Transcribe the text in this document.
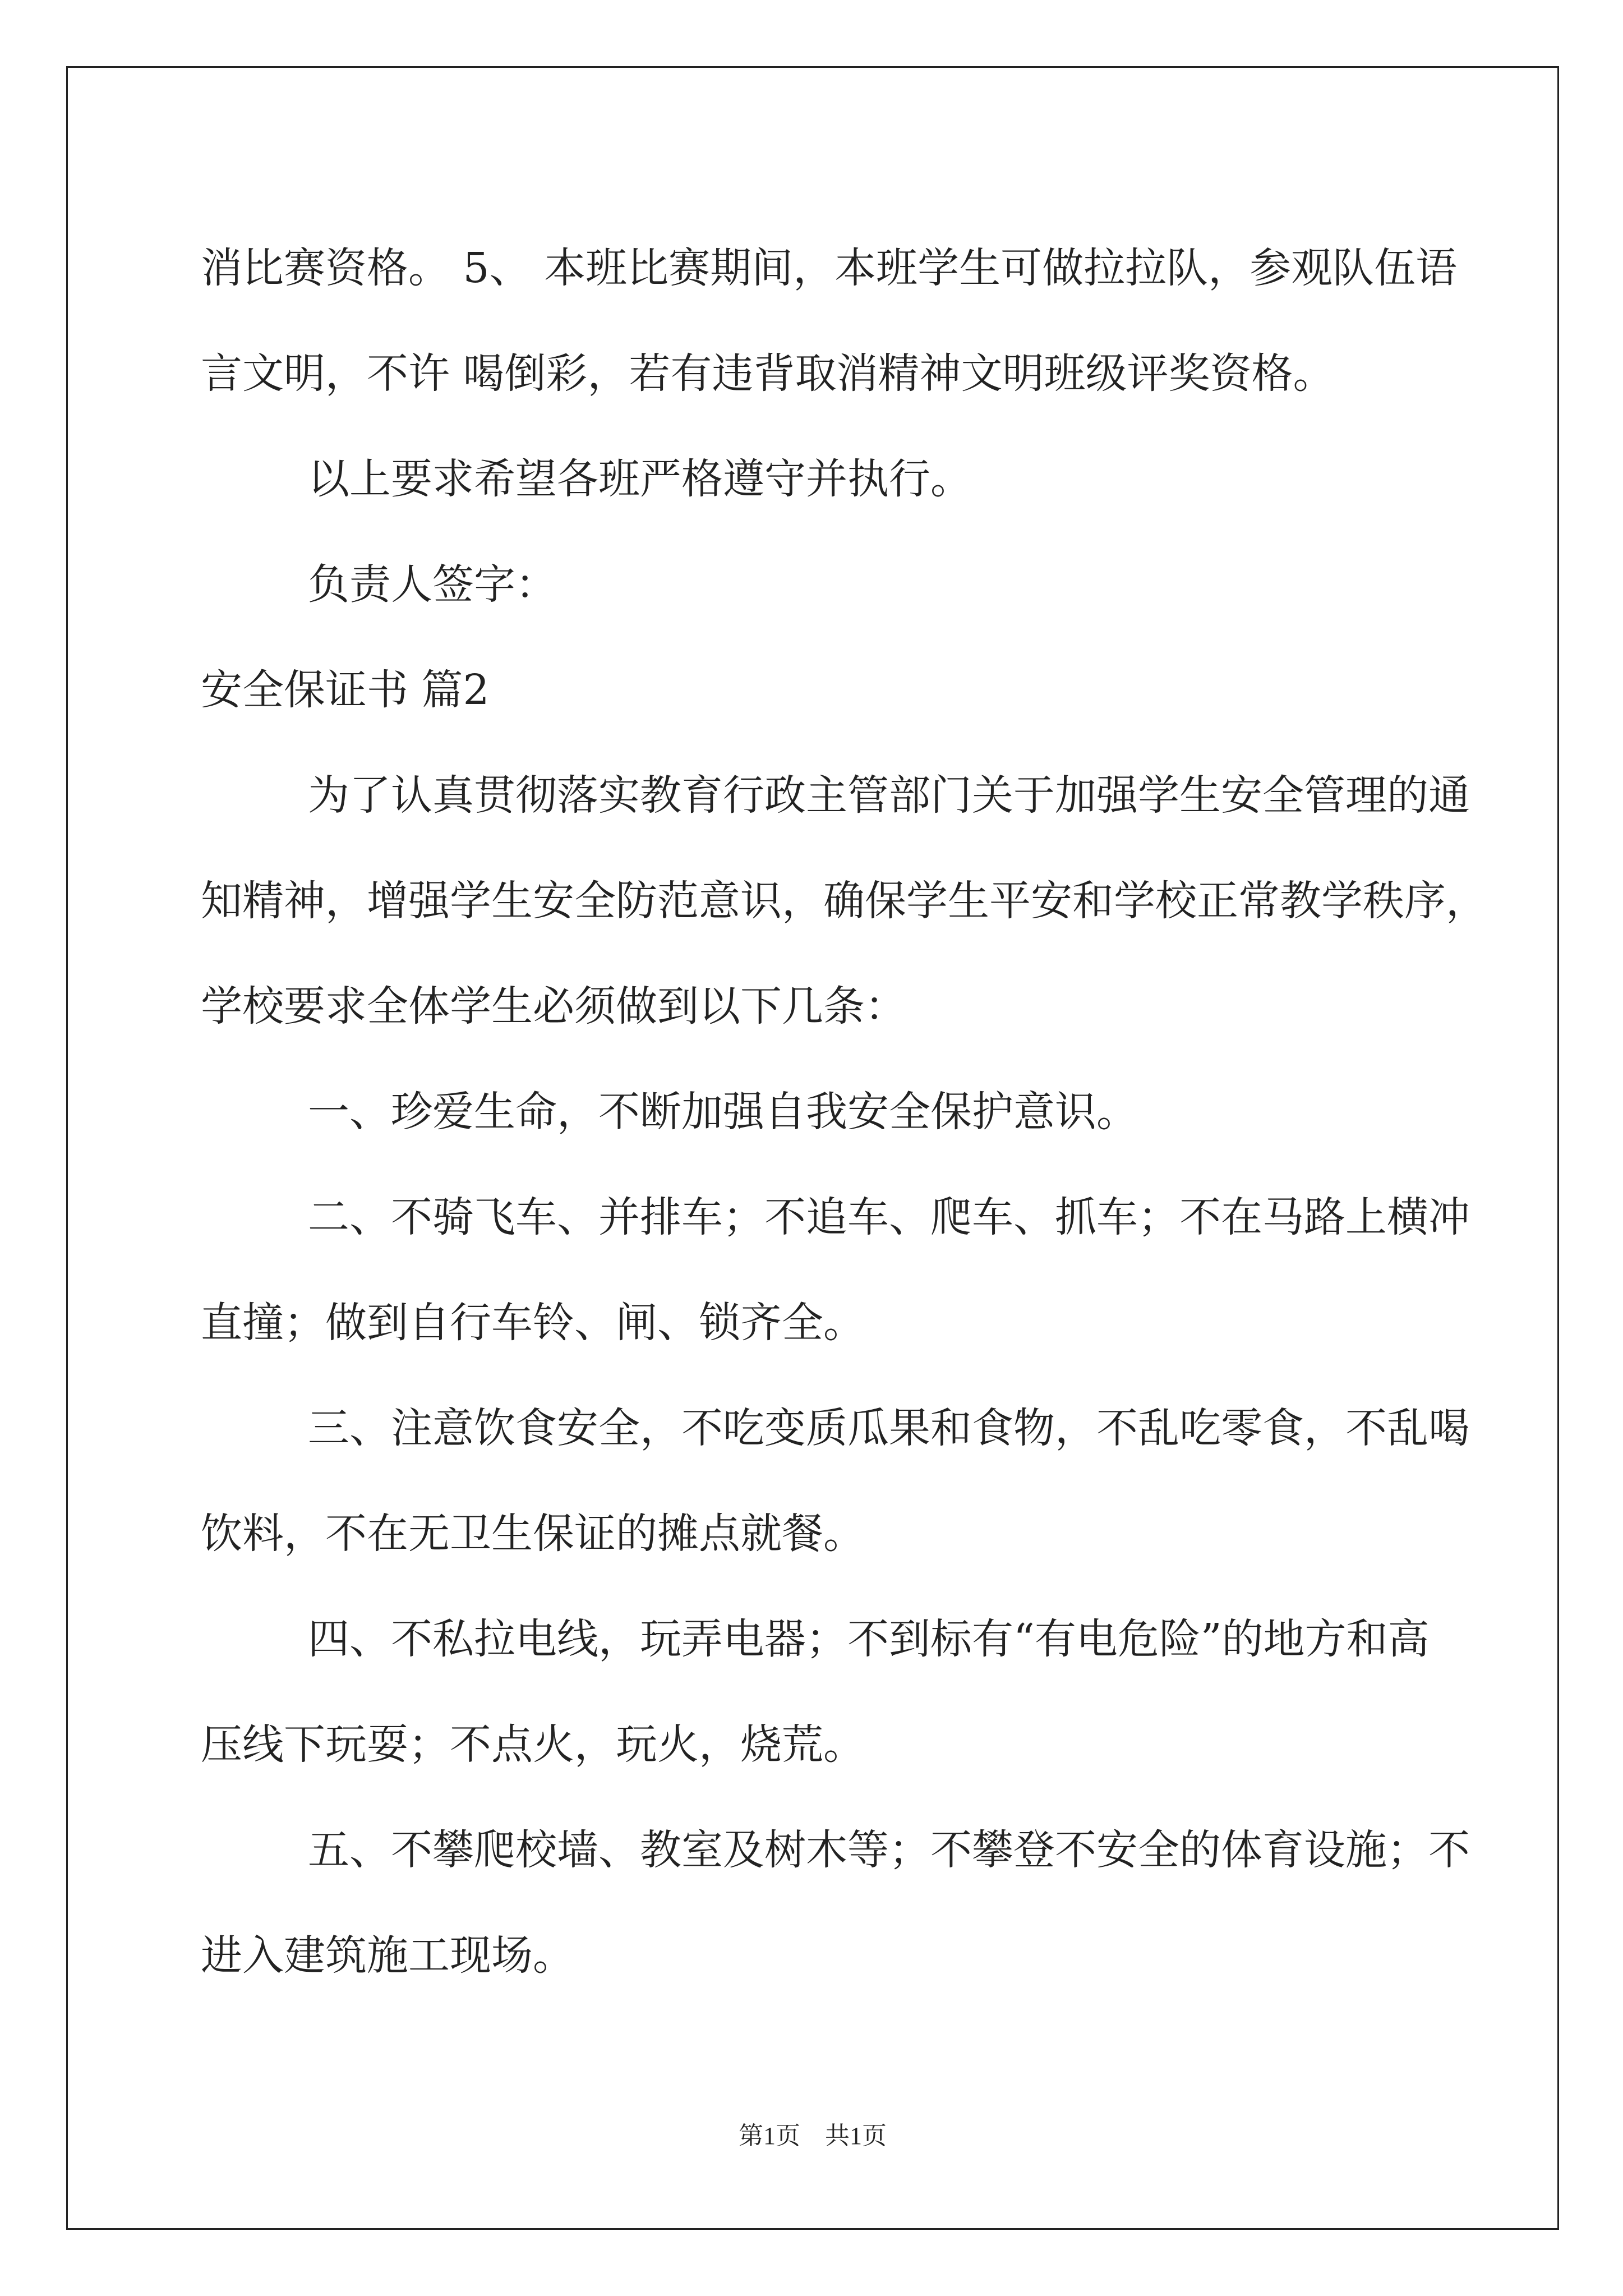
消比赛资格。 5、 本班比赛期间，本班学生可做拉拉队，参观队伍语

言文明，不许 喝倒彩，若有违背取消精神文明班级评奖资格。

以上要求希望各班严格遵守并执行。

负责人签字：

安全保证书 篇2

为了认真贯彻落实教育行政主管部门关于加强学生安全管理的通

知精神，增强学生安全防范意识，确保学生平安和学校正常教学秩序，

学校要求全体学生必须做到以下几条：

一、珍爱生命，不断加强自我安全保护意识。

二、不骑飞车、并排车；不追车、爬车、抓车；不在马路上横冲

直撞；做到自行车铃、闸、锁齐全。

三、注意饮食安全，不吃变质瓜果和食物，不乱吃零食，不乱喝

饮料，不在无卫生保证的摊点就餐。

四、不私拉电线，玩弄电器；不到标有“有电危险”的地方和高

压线下玩耍；不点火，玩火，烧荒。

五、不攀爬校墙、教室及树木等；不攀登不安全的体育设施；不

进入建筑施工现场。

第1页　共1页
